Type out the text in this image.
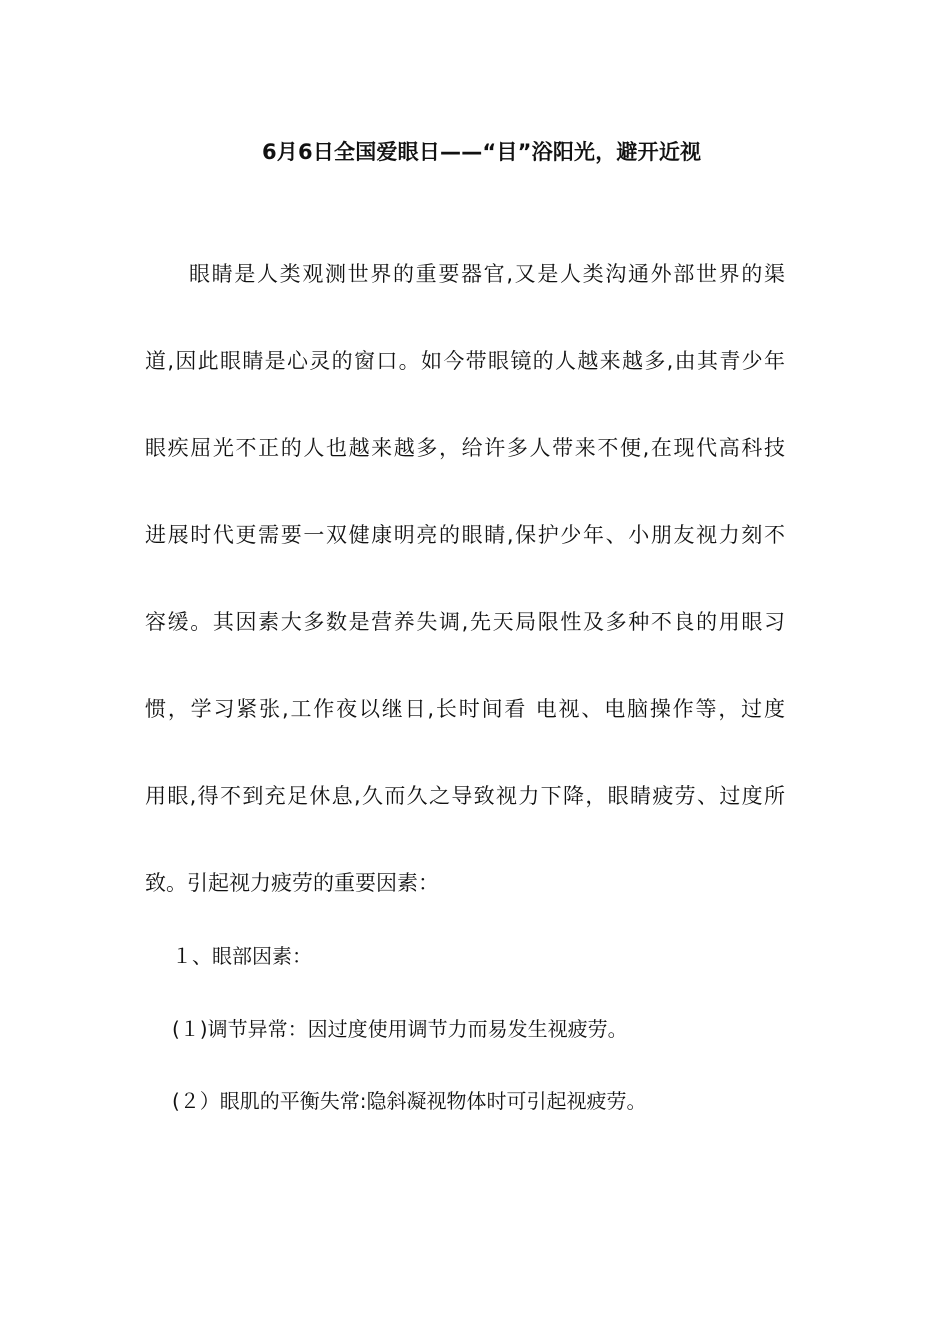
6月6日全国爱眼日——“目”浴阳光，避开近视
眼睛是人类观测世界的重要器官,又是人类沟通外部世界的渠
道,因此眼睛是心灵的窗口。如今带眼镜的人越来越多,由其青少年
眼疾屈光不正的人也越来越多，给许多人带来不便,在现代高科技
进展时代更需要一双健康明亮的眼睛,保护少年、小朋友视力刻不
容缓。其因素大多数是营养失调,先天局限性及多种不良的用眼习
惯，学习紧张,工作夜以继日,长时间看 电视、电脑操作等，过度
用眼,得不到充足休息,久而久之导致视力下降，眼睛疲劳、过度所
致。引起视力疲劳的重要因素：
１、眼部因素：
(１)调节异常：因过度使用调节力而易发生视疲劳。
(２）眼肌的平衡失常:隐斜凝视物体时可引起视疲劳。
